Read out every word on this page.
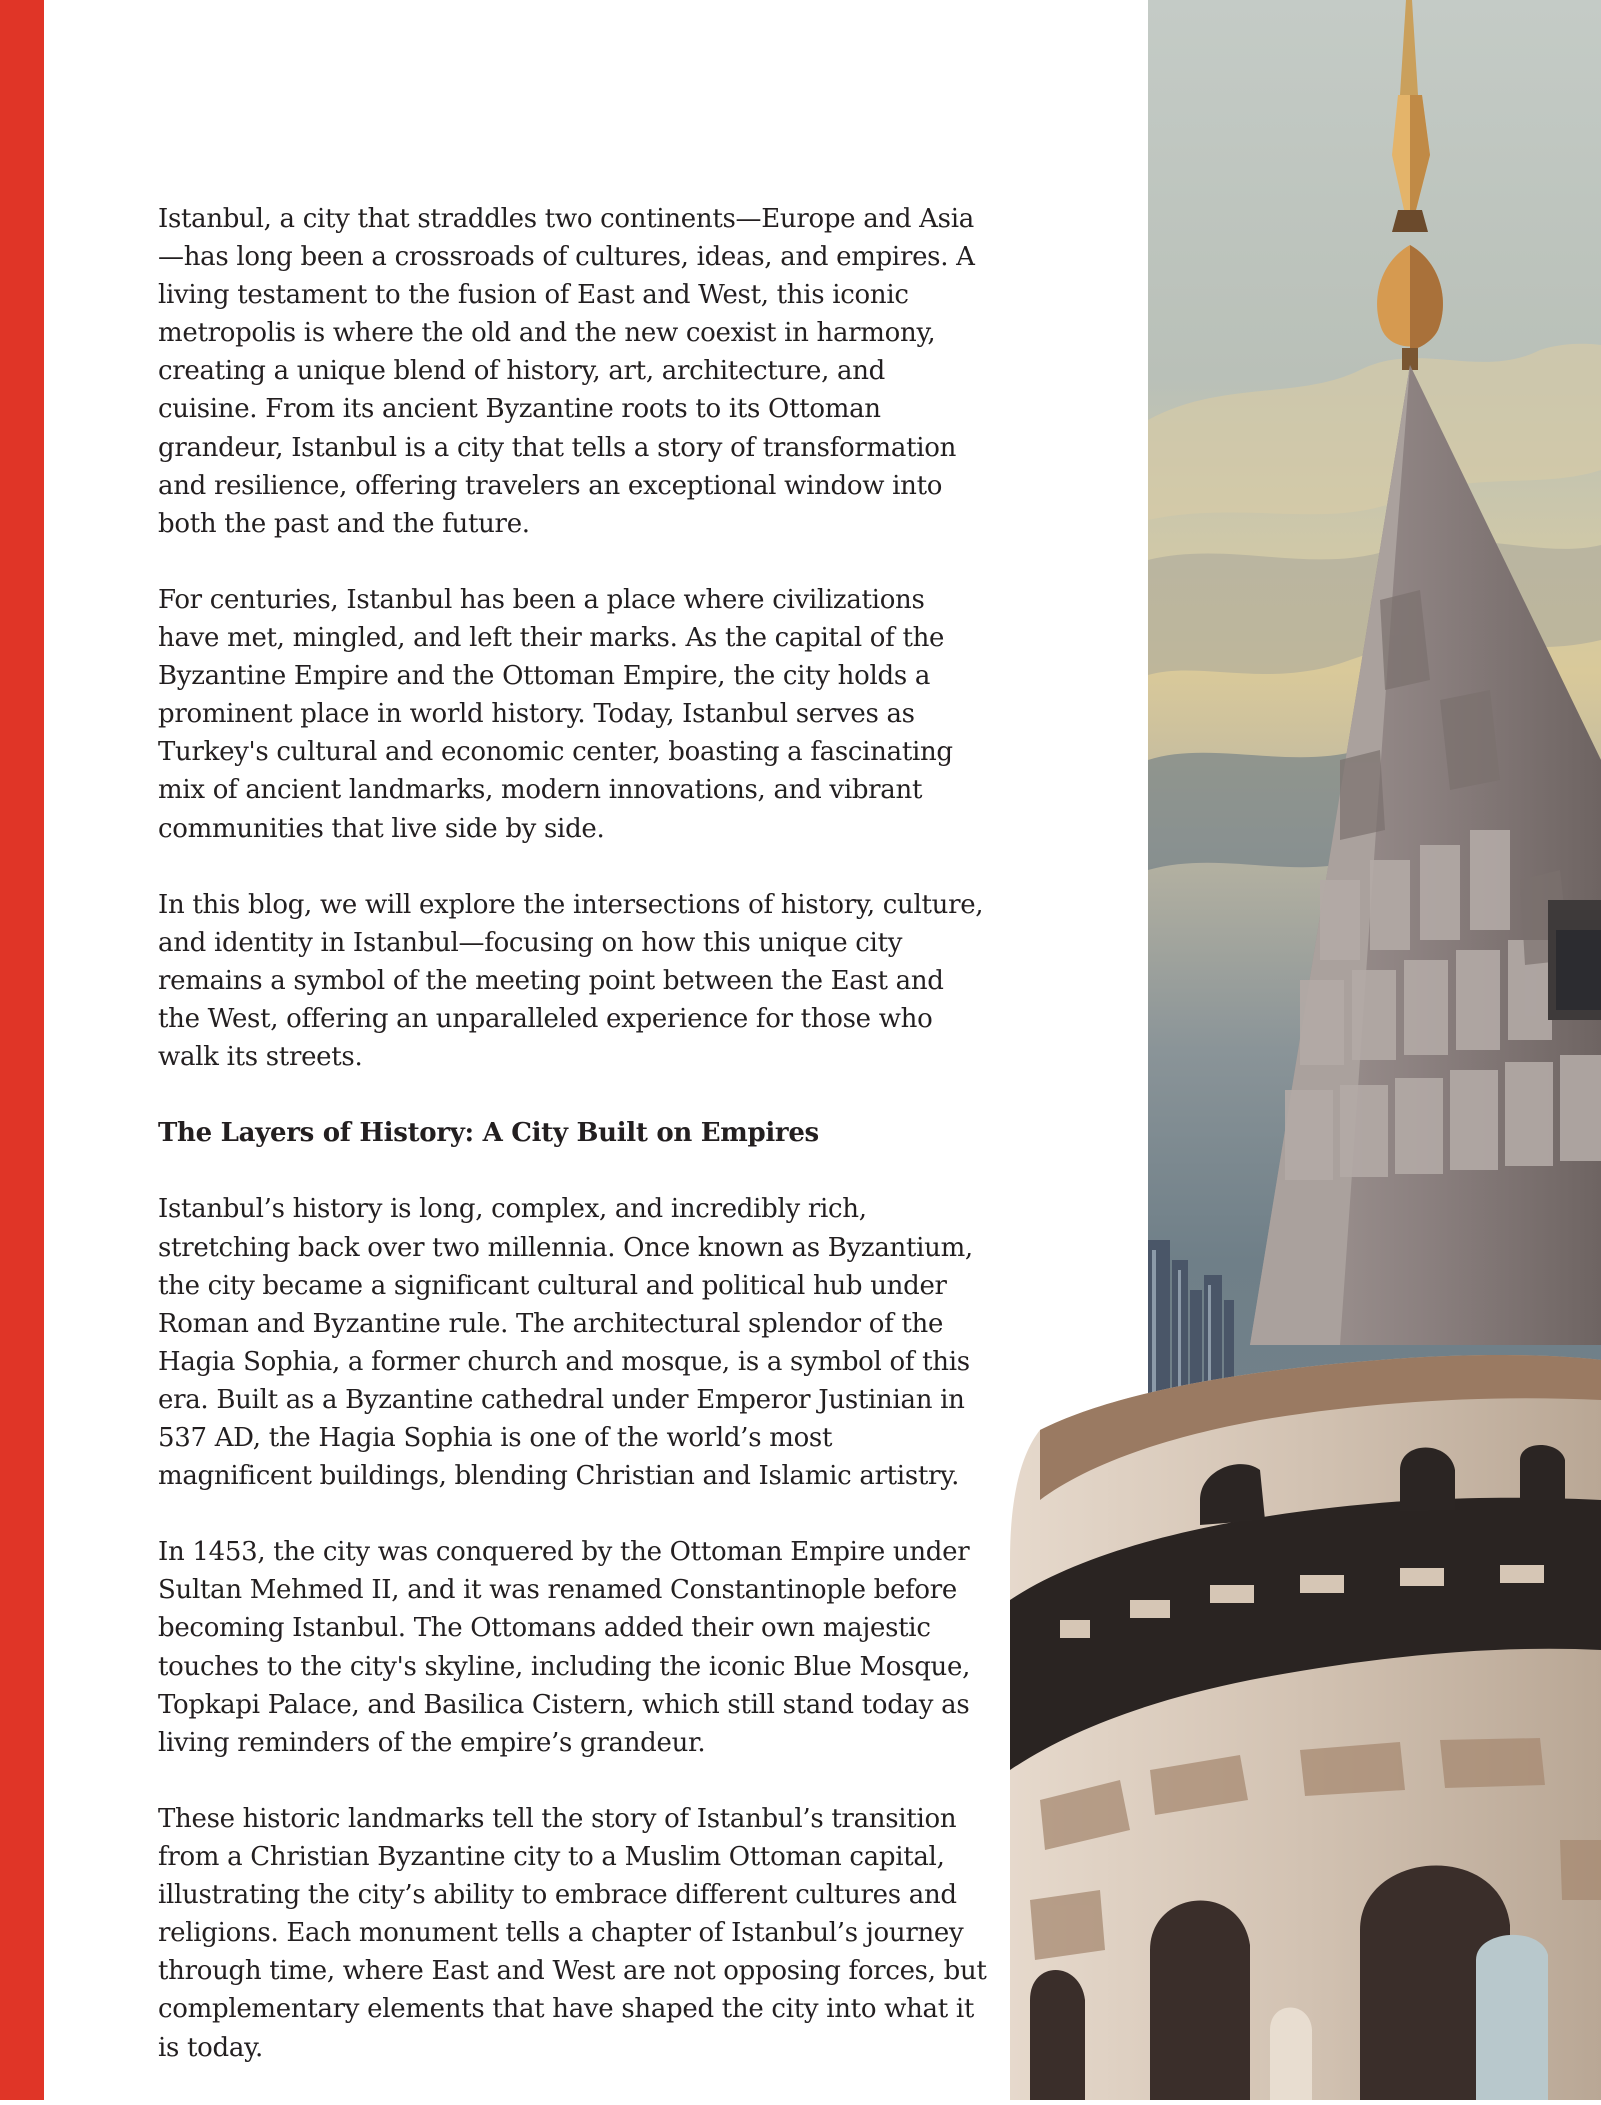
Istanbul, a city that straddles two continents—Europe and Asia—has long been a crossroads of cultures, ideas, and empires. A living testament to the fusion of East and West, this iconic metropolis is where the old and the new coexist in harmony, creating a unique blend of history, art, architecture, and cuisine. From its ancient Byzantine roots to its Ottoman grandeur, Istanbul is a city that tells a story of transformation and resilience, offering travelers an exceptional window into both the past and the future.

For centuries, Istanbul has been a place where civilizations have met, mingled, and left their marks. As the capital of the Byzantine Empire and the Ottoman Empire, the city holds a prominent place in world history. Today, Istanbul serves as Turkey's cultural and economic center, boasting a fascinating mix of ancient landmarks, modern innovations, and vibrant communities that live side by side.

In this blog, we will explore the intersections of history, culture, and identity in Istanbul—focusing on how this unique city remains a symbol of the meeting point between the East and the West, offering an unparalleled experience for those who walk its streets.

The Layers of History: A City Built on Empires

Istanbul’s history is long, complex, and incredibly rich, stretching back over two millennia. Once known as Byzantium, the city became a significant cultural and political hub under Roman and Byzantine rule. The architectural splendor of the Hagia Sophia, a former church and mosque, is a symbol of this era. Built as a Byzantine cathedral under Emperor Justinian in 537 AD, the Hagia Sophia is one of the world’s most magnificent buildings, blending Christian and Islamic artistry.

In 1453, the city was conquered by the Ottoman Empire under Sultan Mehmed II, and it was renamed Constantinople before becoming Istanbul. The Ottomans added their own majestic touches to the city's skyline, including the iconic Blue Mosque, Topkapi Palace, and Basilica Cistern, which still stand today as living reminders of the empire’s grandeur.

These historic landmarks tell the story of Istanbul’s transition from a Christian Byzantine city to a Muslim Ottoman capital, illustrating the city’s ability to embrace different cultures and religions. Each monument tells a chapter of Istanbul’s journey through time, where East and West are not opposing forces, but complementary elements that have shaped the city into what it is today.
